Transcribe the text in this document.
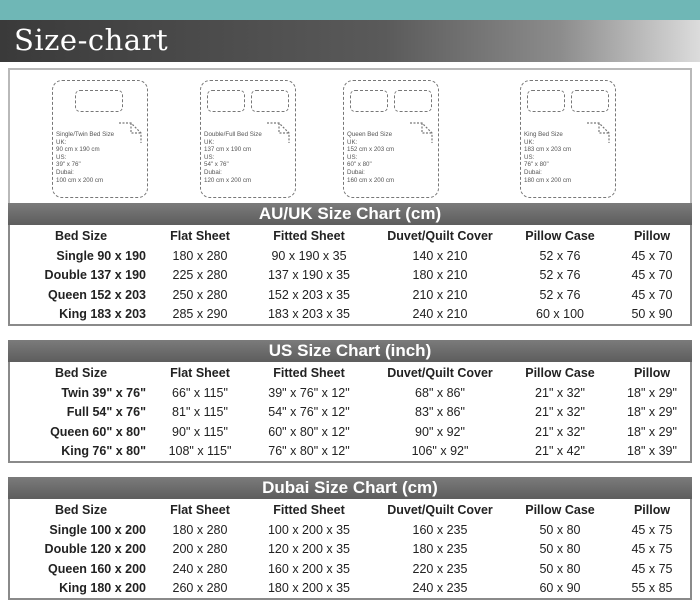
Size-chart
Single/Twin Bed Size
UK:
90 cm x 190 cm
US:
39" x 76"
Dubai:
100 cm x 200 cm
Double/Full Bed Size
UK:
137 cm x 190 cm
US:
54" x 76"
Dubai:
120 cm x 200 cm
Queen Bed Size
UK:
152 cm x 203 cm
US:
60" x 80"
Dubai:
160 cm x 200 cm
King Bed Size
UK:
183 cm x 203 cm
US:
76" x 80"
Dubai:
180 cm x 200 cm
AU/UK Size Chart (cm)
Bed Size	Flat Sheet	Fitted Sheet	Duvet/Quilt Cover	Pillow Case	Pillow
Single 90 x 190	180 x 280	90 x 190 x 35	140 x 210	52 x 76	45 x 70
Double 137 x 190	225 x 280	137 x 190 x 35	180 x 210	52 x 76	45 x 70
Queen 152 x 203	250 x 280	152 x 203 x 35	210 x 210	52 x 76	45 x 70
King 183 x 203	285 x 290	183 x 203 x 35	240 x 210	60 x 100	50 x 90
US Size Chart (inch)
Bed Size	Flat Sheet	Fitted Sheet	Duvet/Quilt Cover	Pillow Case	Pillow
Twin 39" x 76"	66" x 115"	39" x 76" x 12"	68" x 86"	21" x 32"	18" x 29"
Full 54" x 76"	81" x 115"	54" x 76" x 12"	83" x 86"	21" x 32"	18" x 29"
Queen 60" x 80"	90" x 115"	60" x 80" x 12"	90" x 92"	21" x 32"	18" x 29"
King 76" x 80"	108" x 115"	76" x 80" x 12"	106" x 92"	21" x 42"	18" x 39"
Dubai Size Chart (cm)
Bed Size	Flat Sheet	Fitted Sheet	Duvet/Quilt Cover	Pillow Case	Pillow
Single 100 x 200	180 x 280	100 x 200 x 35	160 x 235	50 x 80	45 x 75
Double 120 x 200	200 x 280	120 x 200 x 35	180 x 235	50 x 80	45 x 75
Queen 160 x 200	240 x 280	160 x 200 x 35	220 x 235	50 x 80	45 x 75
King 180 x 200	260 x 280	180 x 200 x 35	240 x 235	60 x 90	55 x 85
